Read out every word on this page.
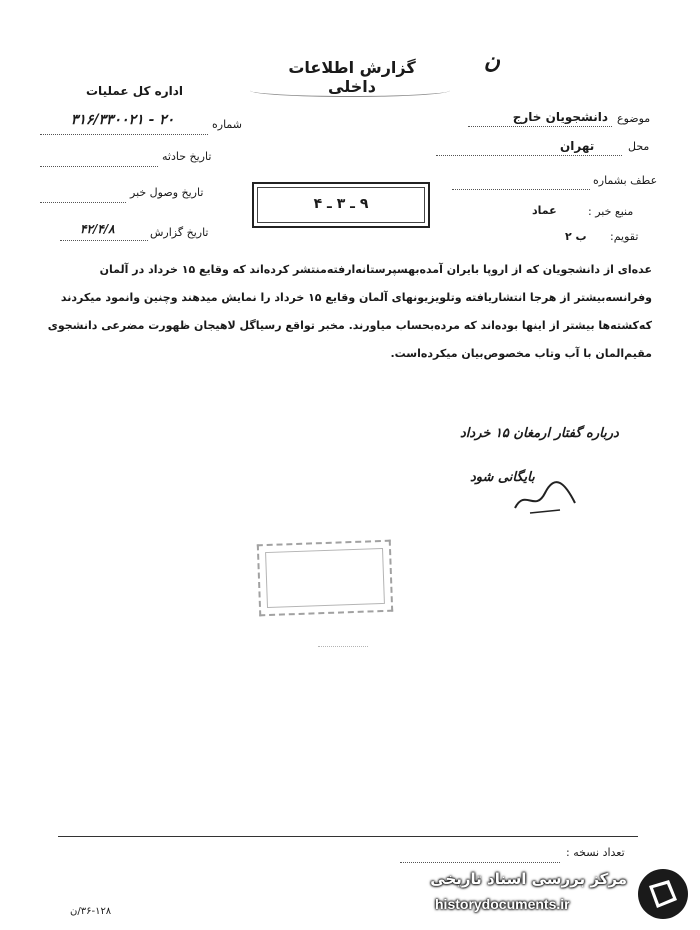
ن
گزارش اطلاعات داخلی
اداره کل عملیات
شماره
۳۱۶/۳۳۰۰۲۱ - ۲۰
تاریخ حادثه
تاریخ وصول خبر
تاریخ گزارش
۴۲/۴/۸
۹ ـ ۳ ـ ۴
موضوع
دانشجویان خارج
محل
تهران
عطف بشماره
منبع خبر :
عماد
تقویم:
ب ۲
عده‌ای از دانشجویان که از اروپا بایران آمده‌بهسپرستانه‌ارفته‌منتشر کرده‌اند که وقایع ۱۵ خرداد در آلمان
وفرانسه‌بیشتر از هرجا انتشاریافته وتلویزیونهای آلمان وقایع ۱۵ خرداد را نمایش میدهند وچنین وانمود میکردند
که‌کشته‌ها بیشتر از اینها بوده‌اند که مرده‌بحساب میاورند. مخبر تواقع رسیاگل لاهیجان ظهورت مضرعی دانشجوی
مقیم‌المان با آب وتاب مخصوص‌بیان میکرده‌است.
درباره گفتار ارمغان ۱۵ خرداد
بایگانی شود
تعداد نسخه :
۳۶-۱۲۸/ن
مرکز بررسی اسناد تاریخی
historydocuments.ir
